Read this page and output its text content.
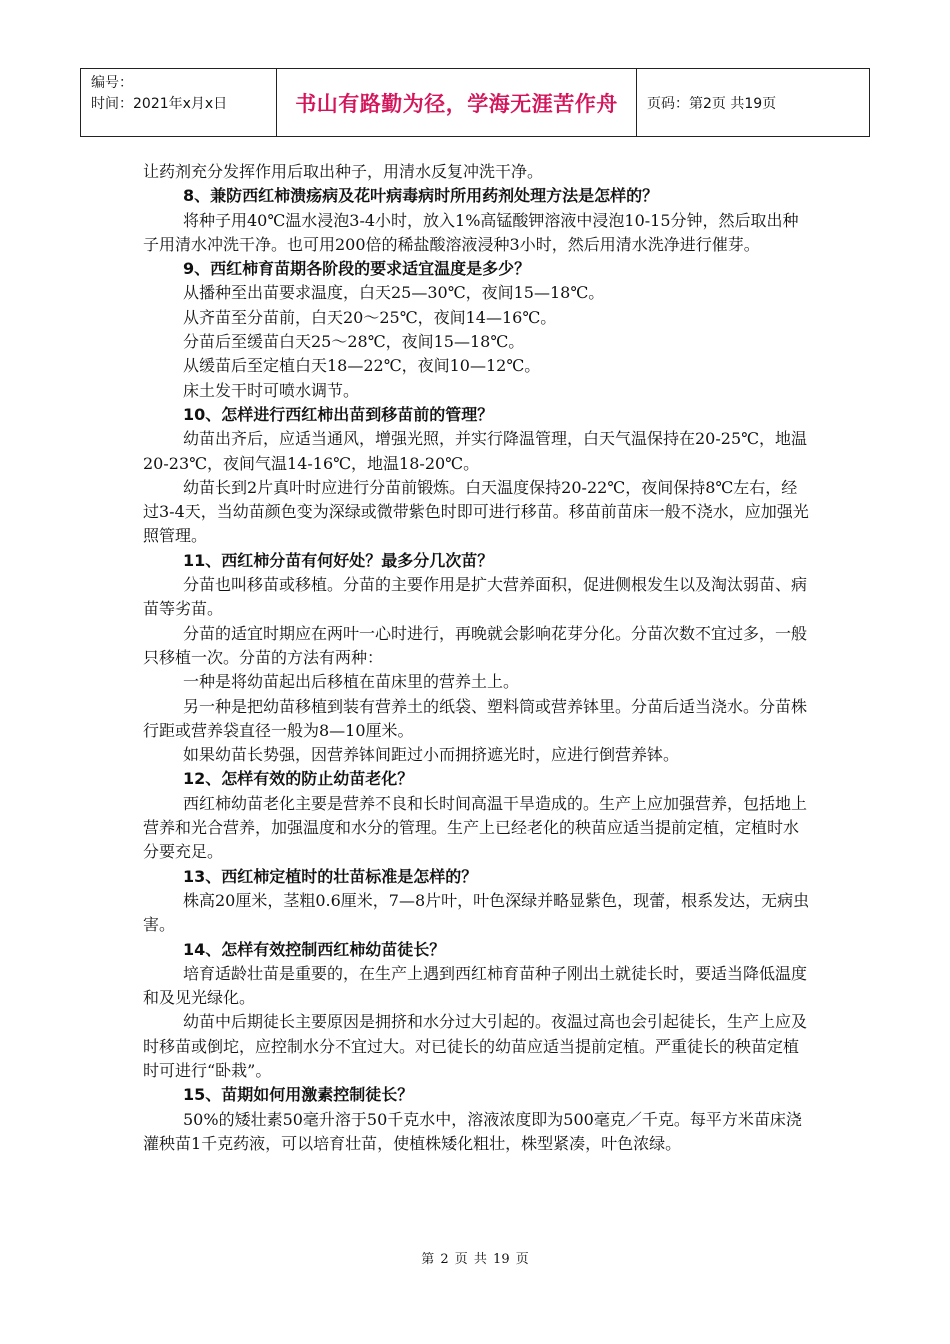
编号：
时间：2021年x月x日	书山有路勤为径，学海无涯苦作舟 页码：第2页 共19页

让药剂充分发挥作用后取出种子，用清水反复冲洗干净。

8、兼防西红柿溃疡病及花叶病毒病时所用药剂处理方法是怎样的？

将种子用40℃温水浸泡3-4小时，放入1%高锰酸钾溶液中浸泡10-15分钟，然后取出种子用清水冲洗干净。也可用200倍的稀盐酸溶液浸种3小时，然后用清水洗净进行催芽。

9、西红柿育苗期各阶段的要求适宜温度是多少？

从播种至出苗要求温度，白天25—30℃，夜间15—18℃。

从齐苗至分苗前，白天20～25℃，夜间14—16℃。

分苗后至缓苗白天25～28℃，夜间15—18℃。

从缓苗后至定植白天18—22℃，夜间10—12℃。

床土发干时可喷水调节。

10、怎样进行西红柿出苗到移苗前的管理？

幼苗出齐后，应适当通风，增强光照，并实行降温管理，白天气温保持在20-25℃，地温20-23℃，夜间气温14-16℃，地温18-20℃。

幼苗长到2片真叶时应进行分苗前锻炼。白天温度保持20-22℃，夜间保持8℃左右，经过3-4天，当幼苗颜色变为深绿或微带紫色时即可进行移苗。移苗前苗床一般不浇水，应加强光照管理。

11、西红柿分苗有何好处？最多分几次苗？

分苗也叫移苗或移植。分苗的主要作用是扩大营养面积，促进侧根发生以及淘汰弱苗、病苗等劣苗。

分苗的适宜时期应在两叶一心时进行，再晚就会影响花芽分化。分苗次数不宜过多，一般只移植一次。分苗的方法有两种：

一种是将幼苗起出后移植在苗床里的营养土上。

另一种是把幼苗移植到装有营养土的纸袋、塑料筒或营养钵里。分苗后适当浇水。分苗株行距或营养袋直径一般为8—10厘米。

如果幼苗长势强，因营养钵间距过小而拥挤遮光时，应进行倒营养钵。

12、怎样有效的防止幼苗老化？

西红柿幼苗老化主要是营养不良和长时间高温干旱造成的。生产上应加强营养，包括地上营养和光合营养，加强温度和水分的管理。生产上已经老化的秧苗应适当提前定植，定植时水分要充足。

13、西红柿定植时的壮苗标准是怎样的？

株高20厘米，茎粗0.6厘米，7—8片叶，叶色深绿并略显紫色，现蕾，根系发达，无病虫害。

14、怎样有效控制西红柿幼苗徒长？

培育适龄壮苗是重要的，在生产上遇到西红柿育苗种子刚出土就徒长时，要适当降低温度和及见光绿化。

幼苗中后期徒长主要原因是拥挤和水分过大引起的。夜温过高也会引起徒长，生产上应及时移苗或倒坨，应控制水分不宜过大。对已徒长的幼苗应适当提前定植。严重徒长的秧苗定植时可进行“卧栽”。

15、苗期如何用激素控制徒长？

50%的矮壮素50毫升溶于50千克水中，溶液浓度即为500毫克／千克。每平方米苗床浇灌秧苗1千克药液，可以培育壮苗，使植株矮化粗壮，株型紧凑，叶色浓绿。

第 2 页 共 19 页
